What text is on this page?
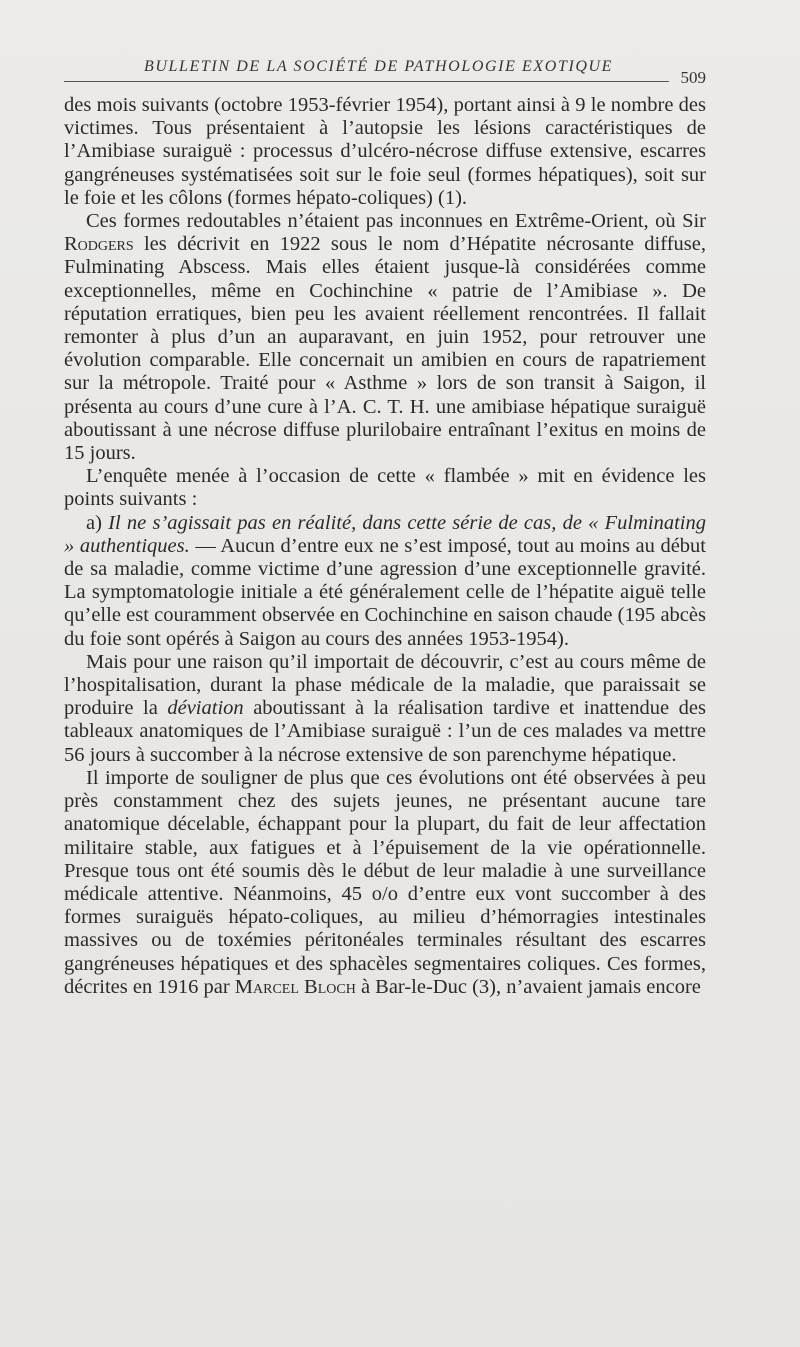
BULLETIN DE LA SOCIÉTÉ DE PATHOLOGIE EXOTIQUE
509

des mois suivants (octobre 1953-février 1954), portant ainsi à 9 le nombre des victimes. Tous présentaient à l’autopsie les lésions caractéristiques de l’Amibiase suraiguë : processus d’ulcéro-nécrose diffuse extensive, escarres gangréneuses systématisées soit sur le foie seul (formes hépatiques), soit sur le foie et les côlons (formes hépato-coliques) (1).

Ces formes redoutables n’étaient pas inconnues en Extrême-Orient, où Sir Rodgers les décrivit en 1922 sous le nom d’Hépatite nécrosante diffuse, Fulminating Abscess. Mais elles étaient jusque-là considérées comme exceptionnelles, même en Cochinchine « patrie de l’Amibiase ». De réputation erratiques, bien peu les avaient réellement rencontrées. Il fallait remonter à plus d’un an auparavant, en juin 1952, pour retrouver une évolution comparable. Elle concernait un amibien en cours de rapatriement sur la métropole. Traité pour « Asthme » lors de son transit à Saigon, il présenta au cours d’une cure à l’A. C. T. H. une amibiase hépatique suraiguë aboutissant à une nécrose diffuse plurilobaire entraînant l’exitus en moins de 15 jours.

L’enquête menée à l’occasion de cette « flambée » mit en évidence les points suivants :

a) Il ne s’agissait pas en réalité, dans cette série de cas, de « Fulminating » authentiques. — Aucun d’entre eux ne s’est imposé, tout au moins au début de sa maladie, comme victime d’une agression d’une exceptionnelle gravité. La symptomatologie initiale a été généralement celle de l’hépatite aiguë telle qu’elle est couramment observée en Cochinchine en saison chaude (195 abcès du foie sont opérés à Saigon au cours des années 1953-1954).

Mais pour une raison qu’il importait de découvrir, c’est au cours même de l’hospitalisation, durant la phase médicale de la maladie, que paraissait se produire la déviation aboutissant à la réalisation tardive et inattendue des tableaux anatomiques de l’Amibiase suraiguë : l’un de ces malades va mettre 56 jours à succomber à la nécrose extensive de son parenchyme hépatique.

Il importe de souligner de plus que ces évolutions ont été observées à peu près constamment chez des sujets jeunes, ne présentant aucune tare anatomique décelable, échappant pour la plupart, du fait de leur affectation militaire stable, aux fatigues et à l’épuisement de la vie opérationnelle. Presque tous ont été soumis dès le début de leur maladie à une surveillance médicale attentive. Néanmoins, 45 o/o d’entre eux vont succomber à des formes suraiguës hépato-coliques, au milieu d’hémorragies intestinales massives ou de toxémies péritonéales terminales résultant des escarres gangréneuses hépatiques et des sphacèles segmentaires coliques. Ces formes, décrites en 1916 par Marcel Bloch à Bar-le-Duc (3), n’avaient jamais encore
